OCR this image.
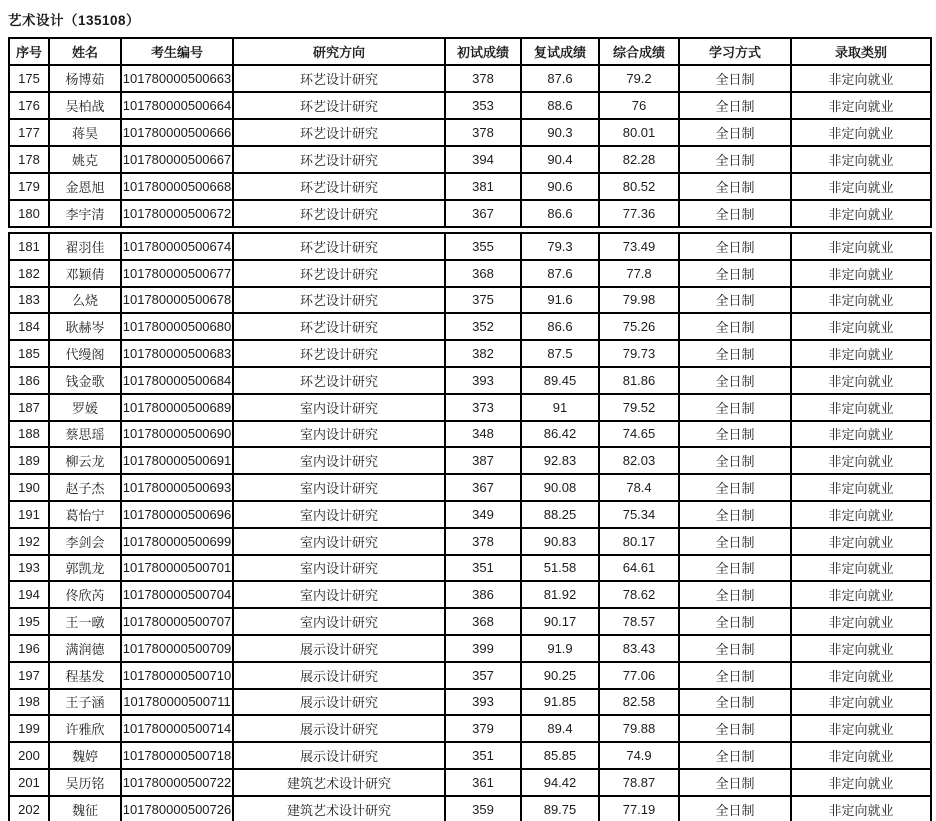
艺术设计（135108）
序号	姓名	考生编号	研究方向	初试成绩	复试成绩	综合成绩	学习方式	录取类别
175	杨博茹	101780000500663	环艺设计研究	378	87.6	79.2	全日制	非定向就业
176	吴柏战	101780000500664	环艺设计研究	353	88.6	76	全日制	非定向就业
177	蒋昊	101780000500666	环艺设计研究	378	90.3	80.01	全日制	非定向就业
178	姚克	101780000500667	环艺设计研究	394	90.4	82.28	全日制	非定向就业
179	金恩旭	101780000500668	环艺设计研究	381	90.6	80.52	全日制	非定向就业
180	李宇清	101780000500672	环艺设计研究	367	86.6	77.36	全日制	非定向就业
181	翟羽佳	101780000500674	环艺设计研究	355	79.3	73.49	全日制	非定向就业
182	邓颖倩	101780000500677	环艺设计研究	368	87.6	77.8	全日制	非定向就业
183	么烧	101780000500678	环艺设计研究	375	91.6	79.98	全日制	非定向就业
184	耿赫岑	101780000500680	环艺设计研究	352	86.6	75.26	全日制	非定向就业
185	代缦阁	101780000500683	环艺设计研究	382	87.5	79.73	全日制	非定向就业
186	钱金歌	101780000500684	环艺设计研究	393	89.45	81.86	全日制	非定向就业
187	罗媛	101780000500689	室内设计研究	373	91	79.52	全日制	非定向就业
188	蔡思瑶	101780000500690	室内设计研究	348	86.42	74.65	全日制	非定向就业
189	柳云龙	101780000500691	室内设计研究	387	92.83	82.03	全日制	非定向就业
190	赵子杰	101780000500693	室内设计研究	367	90.08	78.4	全日制	非定向就业
191	葛怡宁	101780000500696	室内设计研究	349	88.25	75.34	全日制	非定向就业
192	李剑会	101780000500699	室内设计研究	378	90.83	80.17	全日制	非定向就业
193	郭凯龙	101780000500701	室内设计研究	351	51.58	64.61	全日制	非定向就业
194	佟欣芮	101780000500704	室内设计研究	386	81.92	78.62	全日制	非定向就业
195	王一暾	101780000500707	室内设计研究	368	90.17	78.57	全日制	非定向就业
196	满润德	101780000500709	展示设计研究	399	91.9	83.43	全日制	非定向就业
197	程基发	101780000500710	展示设计研究	357	90.25	77.06	全日制	非定向就业
198	王子涵	101780000500711	展示设计研究	393	91.85	82.58	全日制	非定向就业
199	许雅欣	101780000500714	展示设计研究	379	89.4	79.88	全日制	非定向就业
200	魏婷	101780000500718	展示设计研究	351	85.85	74.9	全日制	非定向就业
201	吴历铭	101780000500722	建筑艺术设计研究	361	94.42	78.87	全日制	非定向就业
202	魏征	101780000500726	建筑艺术设计研究	359	89.75	77.19	全日制	非定向就业
